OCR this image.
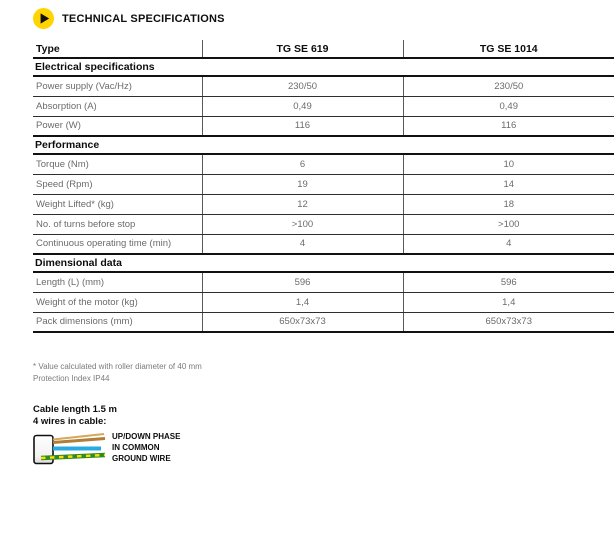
TECHNICAL SPECIFICATIONS
Type	TG SE 619	TG SE 1014
Electrical specifications		
Power supply (Vac/Hz)	230/50	230/50
Absorption (A)	0,49	0,49
Power (W)	116	116
Performance		
Torque (Nm)	6	10
Speed (Rpm)	19	14
Weight Lifted* (kg)	12	18
No. of turns before stop	>100	>100
Continuous operating time (min)	4	4
Dimensional data		
Length (L) (mm)	596	596
Weight of the motor (kg)	1,4	1,4
Pack dimensions (mm)	650x73x73	650x73x73
* Value calculated with roller diameter of 40 mm
Protection Index IP44
Cable length 1.5 m
4 wires in cable:
UP/DOWN PHASE
IN COMMON
GROUND WIRE
